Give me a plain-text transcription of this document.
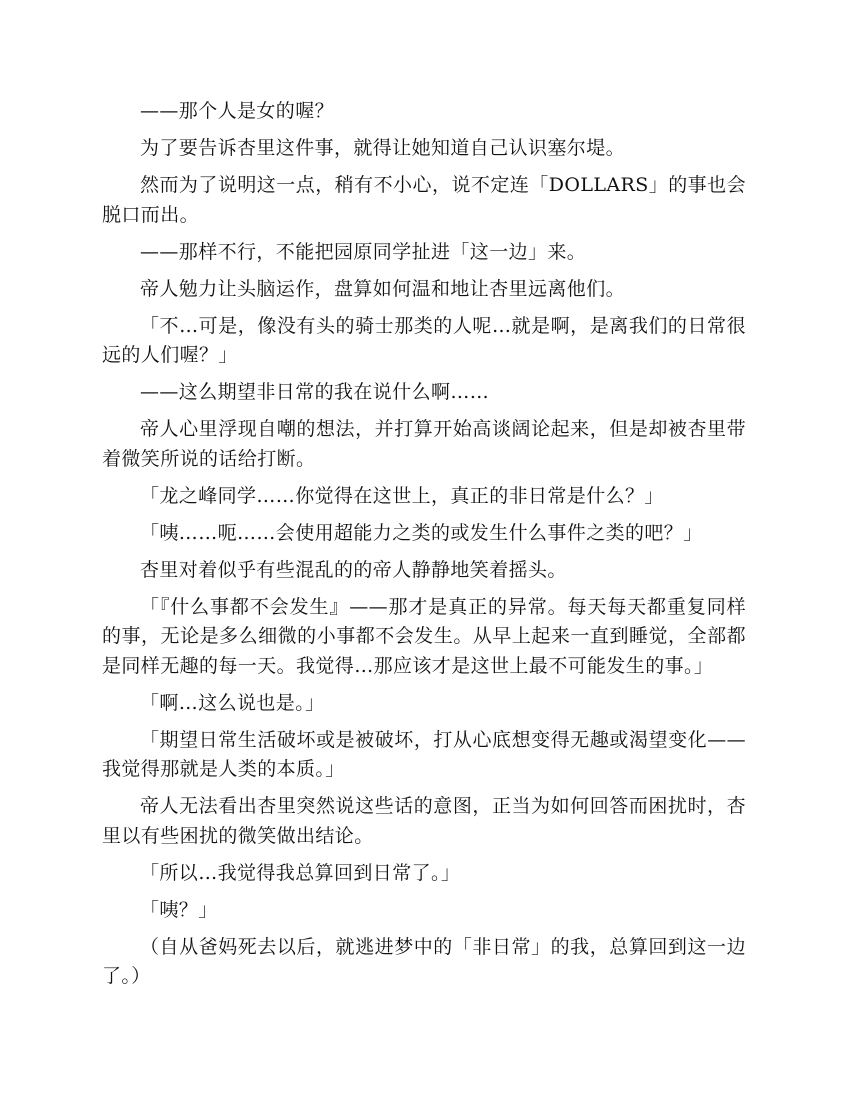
——那个人是女的喔？

为了要告诉杏里这件事，就得让她知道自己认识塞尔堤。

然而为了说明这一点，稍有不小心，说不定连「DOLLARS」的事也会脱口而出。

——那样不行，不能把园原同学扯进「这一边」来。

帝人勉力让头脑运作，盘算如何温和地让杏里远离他们。

「不…可是，像没有头的骑士那类的人呢…就是啊，是离我们的日常很远的人们喔？」

——这么期望非日常的我在说什么啊……

帝人心里浮现自嘲的想法，并打算开始高谈阔论起来，但是却被杏里带着微笑所说的话给打断。

「龙之峰同学……你觉得在这世上，真正的非日常是什么？」

「咦……呃……会使用超能力之类的或发生什么事件之类的吧？」

杏里对着似乎有些混乱的的帝人静静地笑着摇头。

「『什么事都不会发生』——那才是真正的异常。每天每天都重复同样的事，无论是多么细微的小事都不会发生。从早上起来一直到睡觉，全部都是同样无趣的每一天。我觉得…那应该才是这世上最不可能发生的事。」

「啊…这么说也是。」

「期望日常生活破坏或是被破坏，打从心底想变得无趣或渴望变化——我觉得那就是人类的本质。」

帝人无法看出杏里突然说这些话的意图，正当为如何回答而困扰时，杏里以有些困扰的微笑做出结论。

「所以…我觉得我总算回到日常了。」

「咦？」

（自从爸妈死去以后，就逃进梦中的「非日常」的我，总算回到这一边了。）
